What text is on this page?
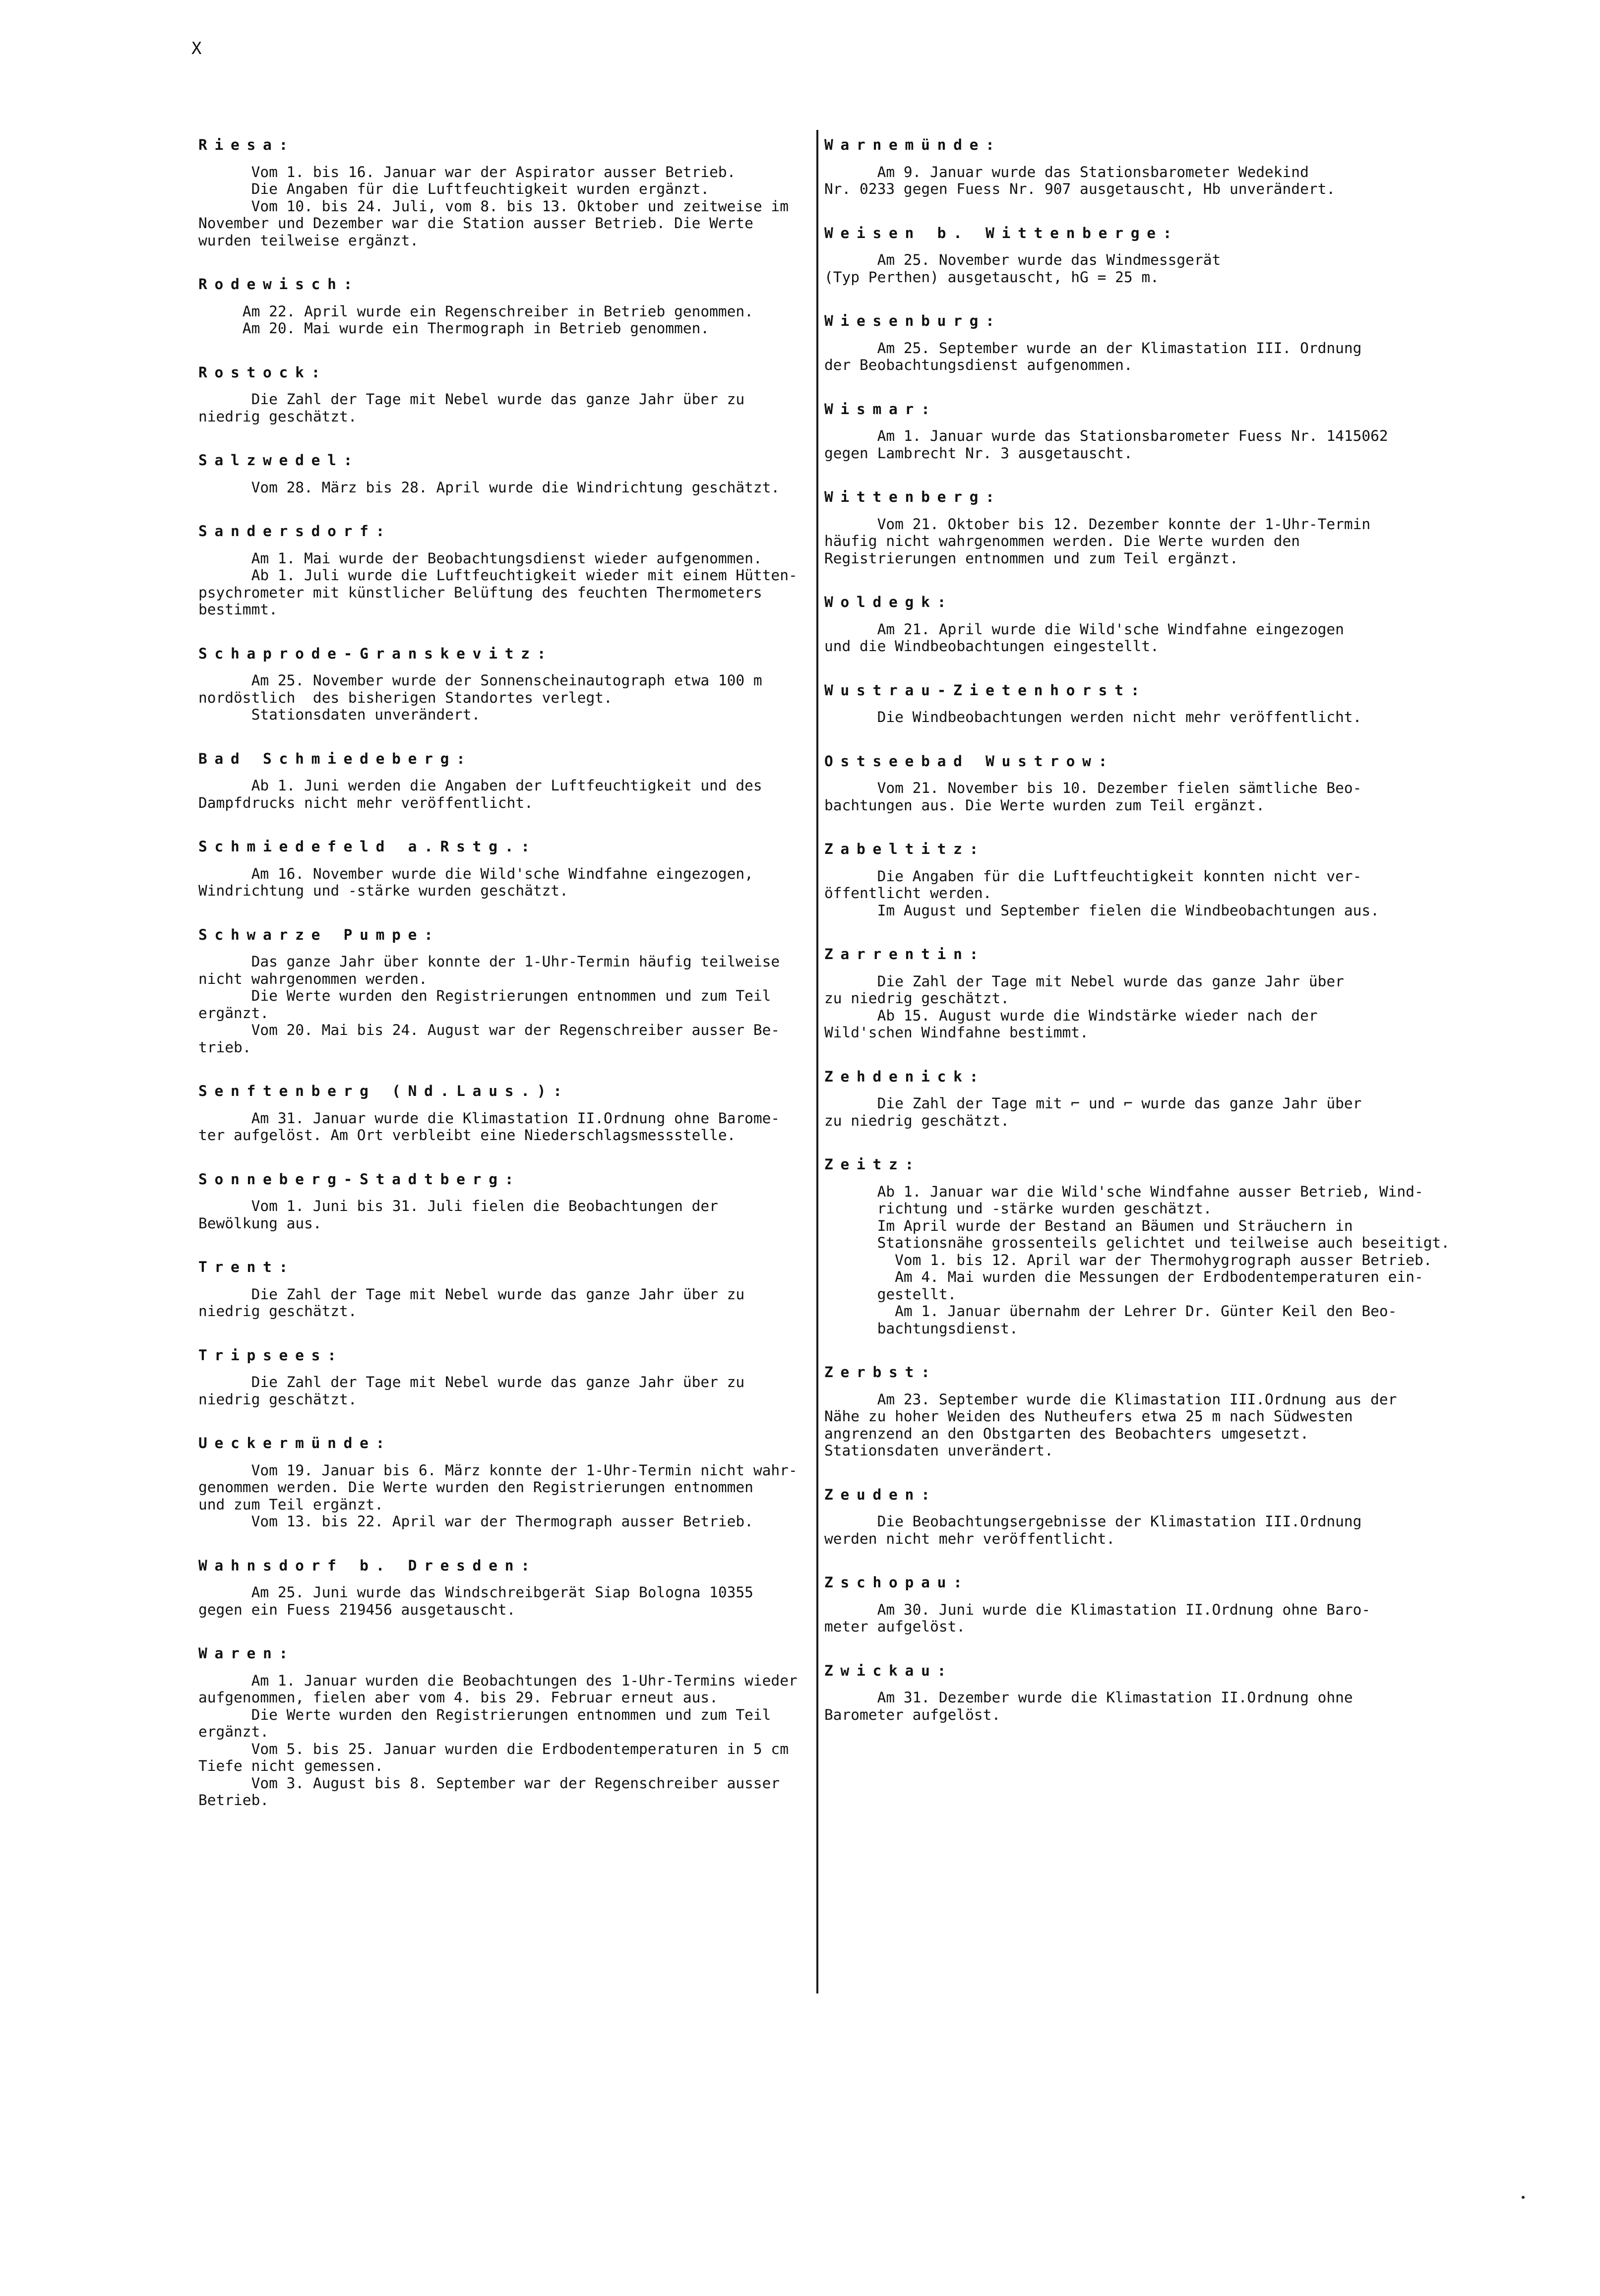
X
Riesa:
Vom 1. bis 16. Januar war der Aspirator ausser Betrieb.
Die Angaben für die Luftfeuchtigkeit wurden ergänzt.
Vom 10. bis 24. Juli, vom 8. bis 13. Oktober und zeitweise im
November und Dezember war die Station ausser Betrieb. Die Werte
wurden teilweise ergänzt.
Rodewisch:
Am 22. April wurde ein Regenschreiber in Betrieb genommen.
Am 20. Mai wurde ein Thermograph in Betrieb genommen.
Rostock:
Die Zahl der Tage mit Nebel wurde das ganze Jahr über zu
niedrig geschätzt.
Salzwedel:
Vom 28. März bis 28. April wurde die Windrichtung geschätzt.
Sandersdorf:
Am 1. Mai wurde der Beobachtungsdienst wieder aufgenommen.
Ab 1. Juli wurde die Luftfeuchtigkeit wieder mit einem Hütten-
psychrometer mit künstlicher Belüftung des feuchten Thermometers
bestimmt.
Schaprode-Granskevitz:
Am 25. November wurde der Sonnenscheinautograph etwa 100 m
nordöstlich  des bisherigen Standortes verlegt.
Stationsdaten unverändert.
Bad Schmiedeberg:
Ab 1. Juni werden die Angaben der Luftfeuchtigkeit und des
Dampfdrucks nicht mehr veröffentlicht.
Schmiedefeld a.Rstg.:
Am 16. November wurde die Wild'sche Windfahne eingezogen,
Windrichtung und -stärke wurden geschätzt.
Schwarze Pumpe:
Das ganze Jahr über konnte der 1-Uhr-Termin häufig teilweise
nicht wahrgenommen werden.
Die Werte wurden den Registrierungen entnommen und zum Teil
ergänzt.
Vom 20. Mai bis 24. August war der Regenschreiber ausser Be-
trieb.
Senftenberg (Nd.Laus.):
Am 31. Januar wurde die Klimastation II.Ordnung ohne Barome-
ter aufgelöst. Am Ort verbleibt eine Niederschlagsmessstelle.
Sonneberg-Stadtberg:
Vom 1. Juni bis 31. Juli fielen die Beobachtungen der
Bewölkung aus.
Trent:
Die Zahl der Tage mit Nebel wurde das ganze Jahr über zu
niedrig geschätzt.
Tripsees:
Die Zahl der Tage mit Nebel wurde das ganze Jahr über zu
niedrig geschätzt.
Ueckermünde:
Vom 19. Januar bis 6. März konnte der 1-Uhr-Termin nicht wahr-
genommen werden. Die Werte wurden den Registrierungen entnommen
und zum Teil ergänzt.
Vom 13. bis 22. April war der Thermograph ausser Betrieb.
Wahnsdorf b. Dresden:
Am 25. Juni wurde das Windschreibgerät Siap Bologna 10355
gegen ein Fuess 219456 ausgetauscht.
Waren:
Am 1. Januar wurden die Beobachtungen des 1-Uhr-Termins wieder
aufgenommen, fielen aber vom 4. bis 29. Februar erneut aus.
Die Werte wurden den Registrierungen entnommen und zum Teil
ergänzt.
Vom 5. bis 25. Januar wurden die Erdbodentemperaturen in 5 cm
Tiefe nicht gemessen.
Vom 3. August bis 8. September war der Regenschreiber ausser
Betrieb.
Warnemünde:
Am 9. Januar wurde das Stationsbarometer Wedekind
Nr. 0233 gegen Fuess Nr. 907 ausgetauscht, Hb unverändert.
Weisen b. Wittenberge:
Am 25. November wurde das Windmessgerät
(Typ Perthen) ausgetauscht, hG = 25 m.
Wiesenburg:
Am 25. September wurde an der Klimastation III. Ordnung
der Beobachtungsdienst aufgenommen.
Wismar:
Am 1. Januar wurde das Stationsbarometer Fuess Nr. 1415062
gegen Lambrecht Nr. 3 ausgetauscht.
Wittenberg:
Vom 21. Oktober bis 12. Dezember konnte der 1-Uhr-Termin
häufig nicht wahrgenommen werden. Die Werte wurden den
Registrierungen entnommen und zum Teil ergänzt.
Woldegk:
Am 21. April wurde die Wild'sche Windfahne eingezogen
und die Windbeobachtungen eingestellt.
Wustrau-Zietenhorst:
Die Windbeobachtungen werden nicht mehr veröffentlicht.
Ostseebad Wustrow:
Vom 21. November bis 10. Dezember fielen sämtliche Beo-
bachtungen aus. Die Werte wurden zum Teil ergänzt.
Zabeltitz:
Die Angaben für die Luftfeuchtigkeit konnten nicht ver-
öffentlicht werden.
Im August und September fielen die Windbeobachtungen aus.
Zarrentin:
Die Zahl der Tage mit Nebel wurde das ganze Jahr über
zu niedrig geschätzt.
Ab 15. August wurde die Windstärke wieder nach der
Wild'schen Windfahne bestimmt.
Zehdenick:
Die Zahl der Tage mit ⌐ und ⌐ wurde das ganze Jahr über
zu niedrig geschätzt.
Zeitz:
Ab 1. Januar war die Wild'sche Windfahne ausser Betrieb, Wind-
richtung und -stärke wurden geschätzt.
Im April wurde der Bestand an Bäumen und Sträuchern in
Stationsnähe grossenteils gelichtet und teilweise auch beseitigt.
Vom 1. bis 12. April war der Thermohygrograph ausser Betrieb.
Am 4. Mai wurden die Messungen der Erdbodentemperaturen ein-
gestellt.
Am 1. Januar übernahm der Lehrer Dr. Günter Keil den Beo-
bachtungsdienst.
Zerbst:
Am 23. September wurde die Klimastation III.Ordnung aus der
Nähe zu hoher Weiden des Nutheufers etwa 25 m nach Südwesten
angrenzend an den Obstgarten des Beobachters umgesetzt.
Stationsdaten unverändert.
Zeuden:
Die Beobachtungsergebnisse der Klimastation III.Ordnung
werden nicht mehr veröffentlicht.
Zschopau:
Am 30. Juni wurde die Klimastation II.Ordnung ohne Baro-
meter aufgelöst.
Zwickau:
Am 31. Dezember wurde die Klimastation II.Ordnung ohne
Barometer aufgelöst.
